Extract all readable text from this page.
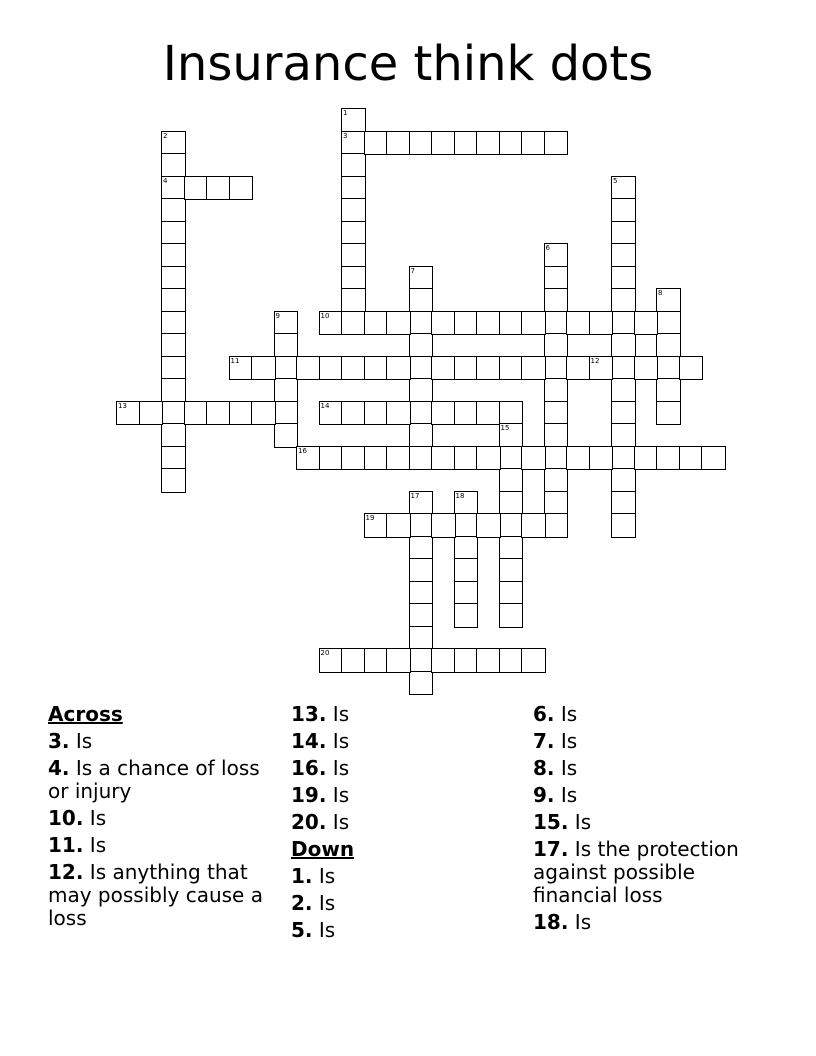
Insurance think dots
1
3
2
4	5
6
7
8
9	10
11	12
13	14
15
16
17	18
19
20
Across
3. Is
4. Is a chance of loss or injury
10. Is
11. Is
12. Is anything that may possibly cause a loss
13. Is
14. Is
16. Is
19. Is
20. Is
Down
1. Is
2. Is
5. Is
6. Is
7. Is
8. Is
9. Is
15. Is
17. Is the protection against possible financial loss
18. Is
